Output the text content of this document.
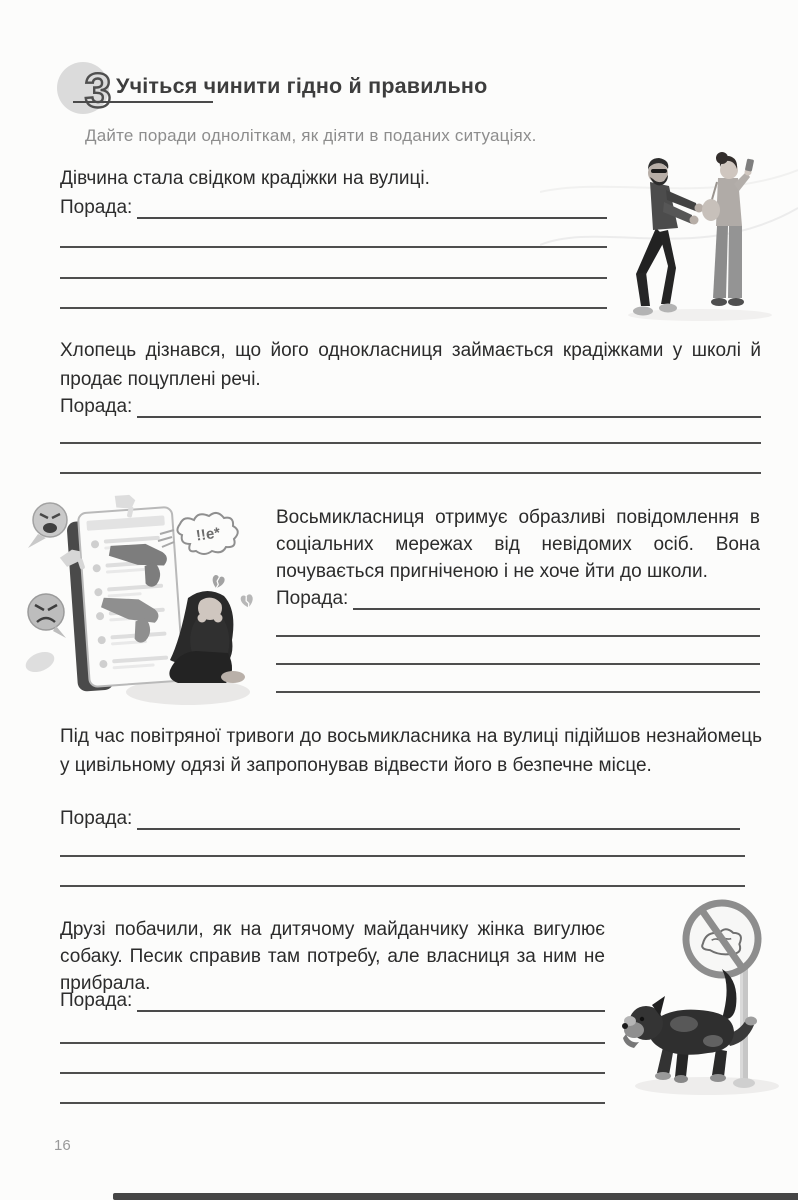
3 Учіться чинити гідно й правильно
Дайте поради одноліткам, як діяти в поданих ситуаціях.

Дівчина стала свідком крадіжки на вулиці.

Порада:

Хлопець дізнався, що його однокласниця займається крадіжками у школі й продає поцуплені речі.

Порада:
!!е*

Восьмикласниця отримує образливі повідомлення в соціальних мережах від невідомих осіб. Вона почувається пригніченою і не хоче йти до школи.

Порада:

Під час повітряної тривоги до восьмикласника на вулиці підійшов незнайомець у цивільному одязі й запропонував відвести його в безпечне місце.

Порада:

Друзі побачили, як на дитячому майданчику жінка вигулює собаку. Песик справив там потребу, але власниця за ним не прибрала.

Порада:
16
